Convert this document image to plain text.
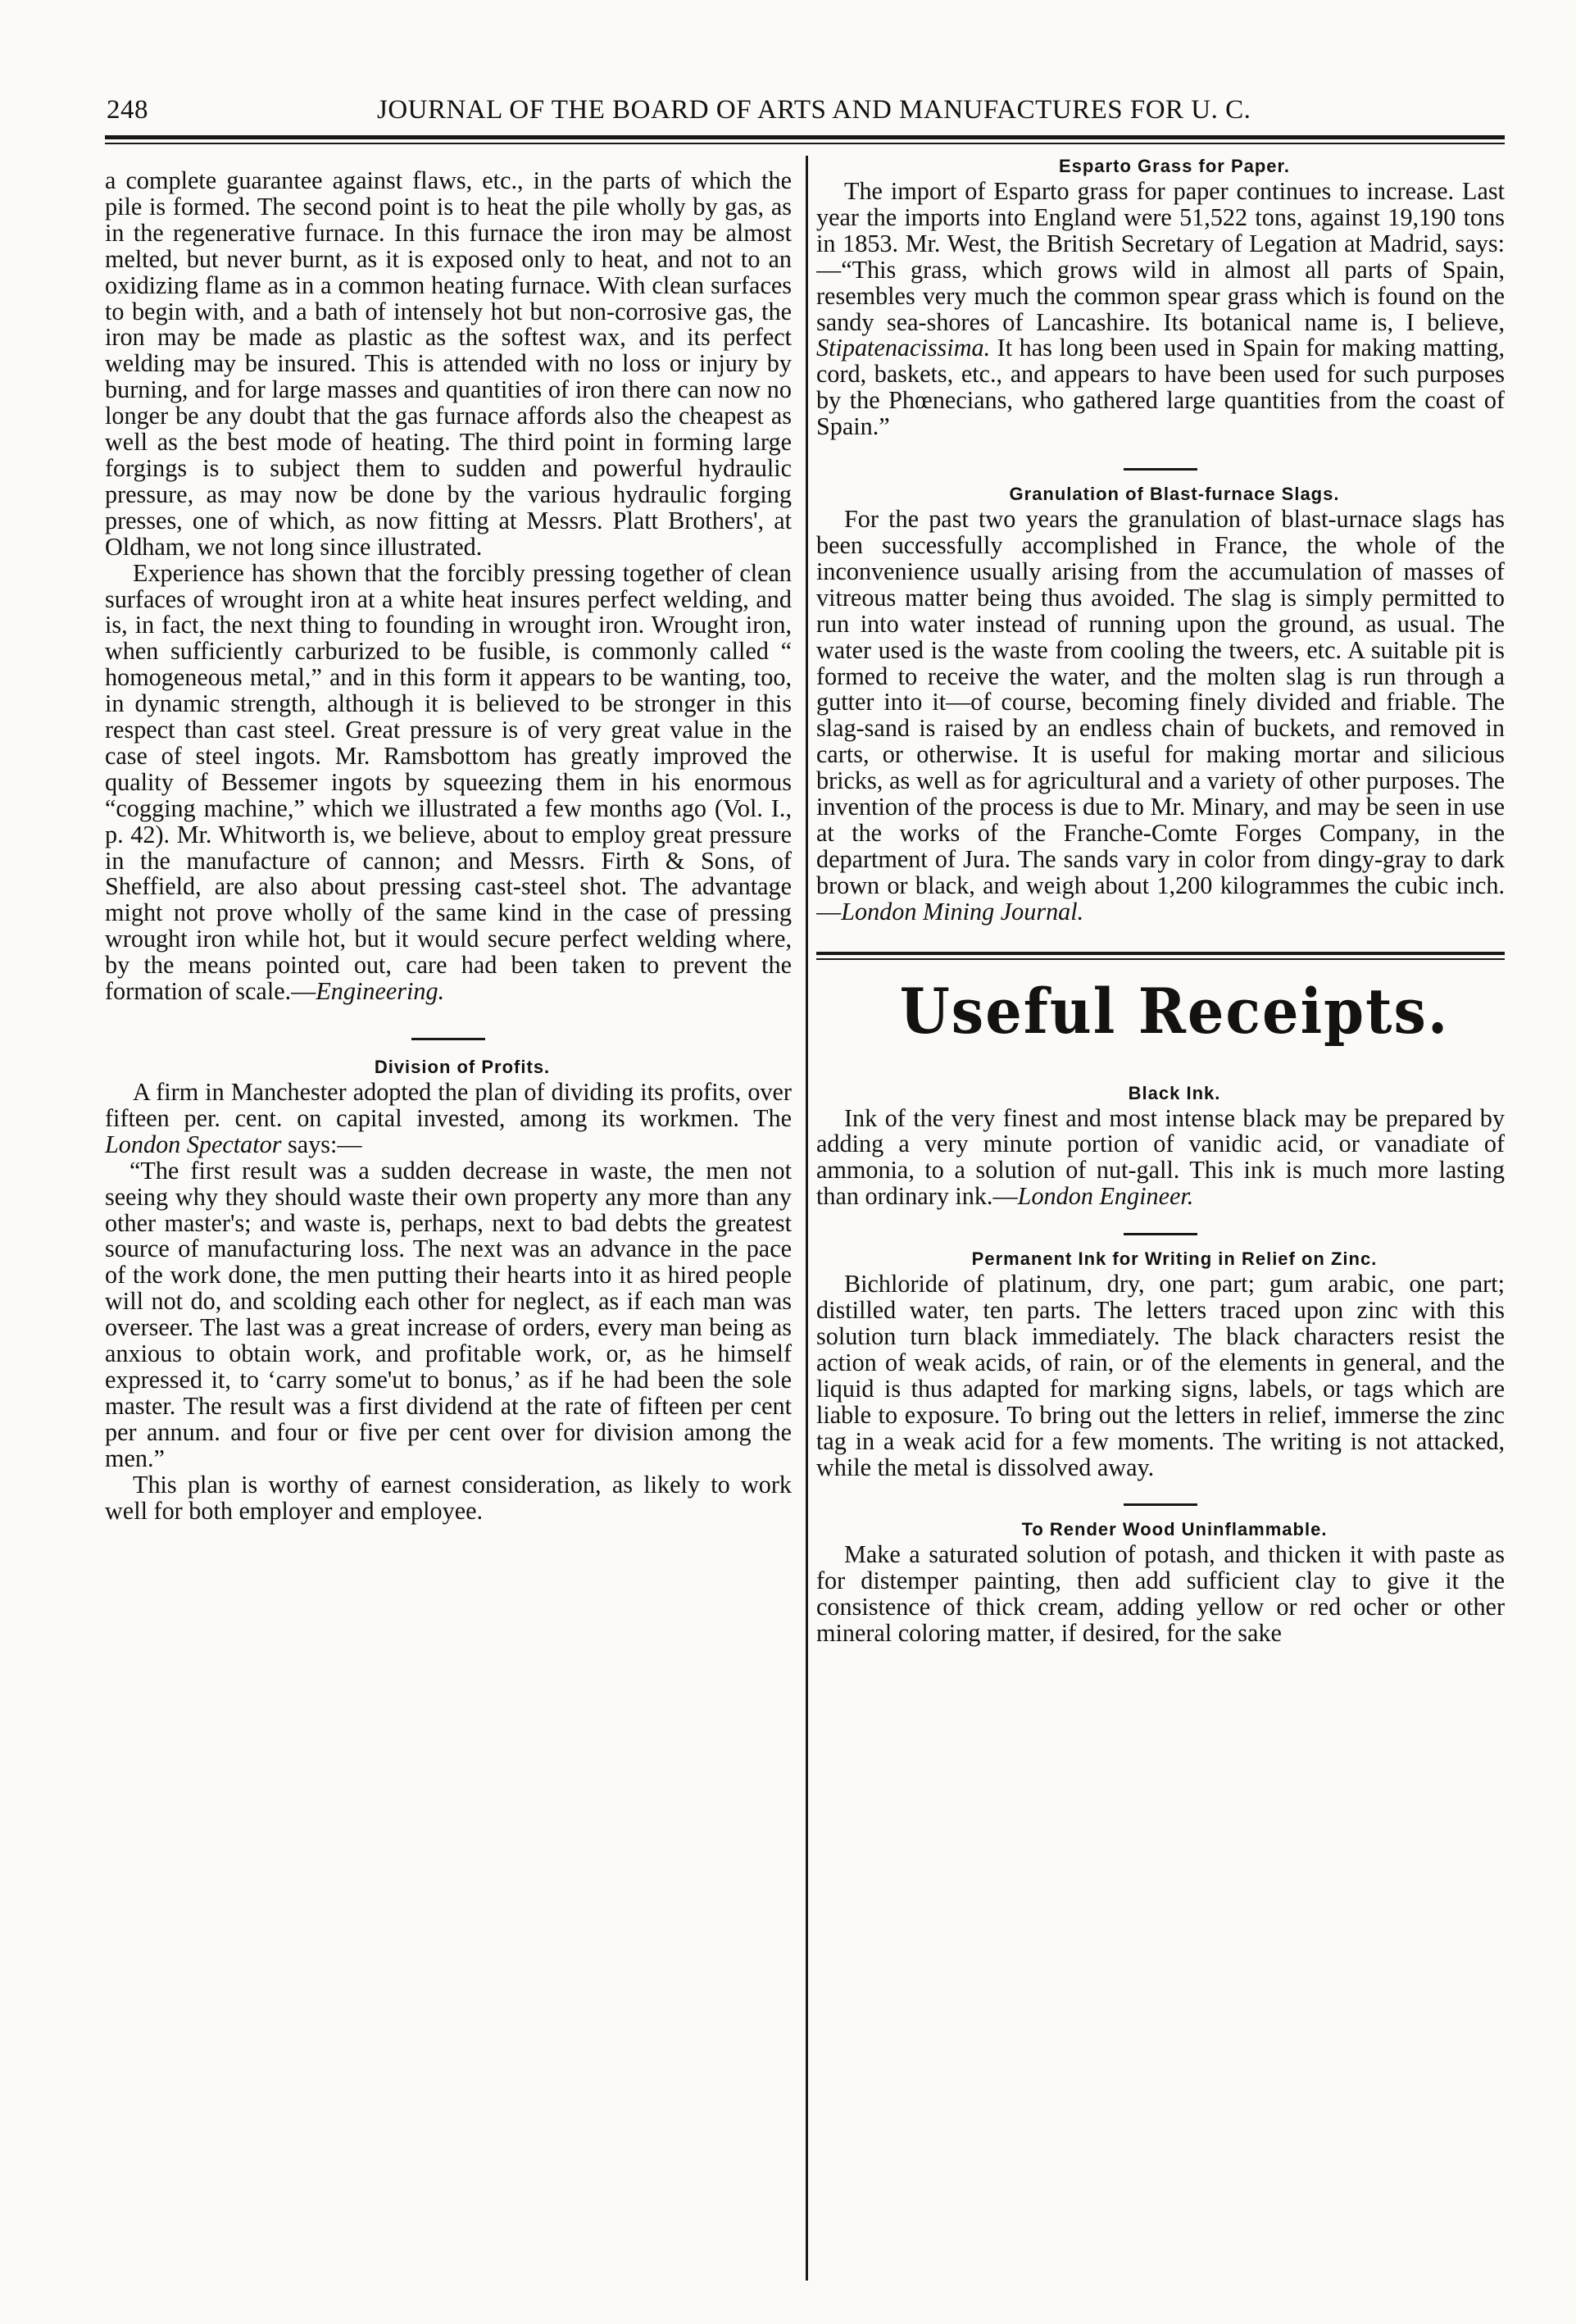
248	JOURNAL OF THE BOARD OF ARTS AND MANUFACTURES FOR U. C.

a complete guarantee against flaws, etc., in the parts of which the pile is formed. The second point is to heat the pile wholly by gas, as in the regenerative furnace. In this furnace the iron may be almost melted, but never burnt, as it is exposed only to heat, and not to an oxidizing flame as in a common heating furnace. With clean surfaces to begin with, and a bath of intensely hot but non-corrosive gas, the iron may be made as plastic as the softest wax, and its perfect welding may be insured. This is attended with no loss or injury by burning, and for large masses and quantities of iron there can now no longer be any doubt that the gas furnace affords also the cheapest as well as the best mode of heating. The third point in forming large forgings is to subject them to sudden and powerful hydraulic pressure, as may now be done by the various hydraulic forging presses, one of which, as now fitting at Messrs. Platt Brothers', at Oldham, we not long since illustrated.

Experience has shown that the forcibly pressing together of clean surfaces of wrought iron at a white heat insures perfect welding, and is, in fact, the next thing to founding in wrought iron. Wrought iron, when sufficiently carburized to be fusible, is commonly called “ homogeneous metal,” and in this form it appears to be wanting, too, in dynamic strength, although it is believed to be stronger in this respect than cast steel. Great pressure is of very great value in the case of steel ingots. Mr. Ramsbottom has greatly improved the quality of Bessemer ingots by squeezing them in his enormous “cogging machine,” which we illustrated a few months ago (Vol. I., p. 42). Mr. Whitworth is, we believe, about to employ great pressure in the manufacture of cannon; and Messrs. Firth & Sons, of Sheffield, are also about pressing cast-steel shot. The advantage might not prove wholly of the same kind in the case of pressing wrought iron while hot, but it would secure perfect welding where, by the means pointed out, care had been taken to prevent the formation of scale.—Engineering.

Division of Profits.

A firm in Manchester adopted the plan of dividing its profits, over fifteen per. cent. on capital invested, among its workmen. The London Spectator says:—

“The first result was a sudden decrease in waste, the men not seeing why they should waste their own property any more than any other master's; and waste is, perhaps, next to bad debts the greatest source of manufacturing loss. The next was an advance in the pace of the work done, the men putting their hearts into it as hired people will not do, and scolding each other for neglect, as if each man was overseer. The last was a great increase of orders, every man being as anxious to obtain work, and profitable work, or, as he himself expressed it, to ‘carry some'ut to bonus,’ as if he had been the sole master. The result was a first dividend at the rate of fifteen per cent per annum. and four or five per cent over for division among the men.”

This plan is worthy of earnest consideration, as likely to work well for both employer and employee.

Esparto Grass for Paper.

The import of Esparto grass for paper continues to increase. Last year the imports into England were 51,522 tons, against 19,190 tons in 1853. Mr. West, the British Secretary of Legation at Madrid, says:—“This grass, which grows wild in almost all parts of Spain, resembles very much the common spear grass which is found on the sandy sea-shores of Lancashire. Its botanical name is, I believe, Stipatenacissima. It has long been used in Spain for making matting, cord, baskets, etc., and appears to have been used for such purposes by the Phœnecians, who gathered large quantities from the coast of Spain.”

Granulation of Blast-furnace Slags.

For the past two years the granulation of blast-urnace slags has been successfully accomplished in France, the whole of the inconvenience usually arising from the accumulation of masses of vitreous matter being thus avoided. The slag is simply permitted to run into water instead of running upon the ground, as usual. The water used is the waste from cooling the tweers, etc. A suitable pit is formed to receive the water, and the molten slag is run through a gutter into it—of course, becoming finely divided and friable. The slag-sand is raised by an endless chain of buckets, and removed in carts, or otherwise. It is useful for making mortar and silicious bricks, as well as for agricultural and a variety of other purposes. The invention of the process is due to Mr. Minary, and may be seen in use at the works of the Franche-Comte Forges Company, in the department of Jura. The sands vary in color from dingy-gray to dark brown or black, and weigh about 1,200 kilogrammes the cubic inch.—London Mining Journal.

Useful Receipts.

Black Ink.

Ink of the very finest and most intense black may be prepared by adding a very minute portion of vanidic acid, or vanadiate of ammonia, to a solution of nut-gall. This ink is much more lasting than ordinary ink.—London Engineer.

Permanent Ink for Writing in Relief on Zinc.

Bichloride of platinum, dry, one part; gum arabic, one part; distilled water, ten parts. The letters traced upon zinc with this solution turn black immediately. The black characters resist the action of weak acids, of rain, or of the elements in general, and the liquid is thus adapted for marking signs, labels, or tags which are liable to exposure. To bring out the letters in relief, immerse the zinc tag in a weak acid for a few moments. The writing is not attacked, while the metal is dissolved away.

To Render Wood Uninflammable.

Make a saturated solution of potash, and thicken it with paste as for distemper painting, then add sufficient clay to give it the consistence of thick cream, adding yellow or red ocher or other mineral coloring matter, if desired, for the sake
